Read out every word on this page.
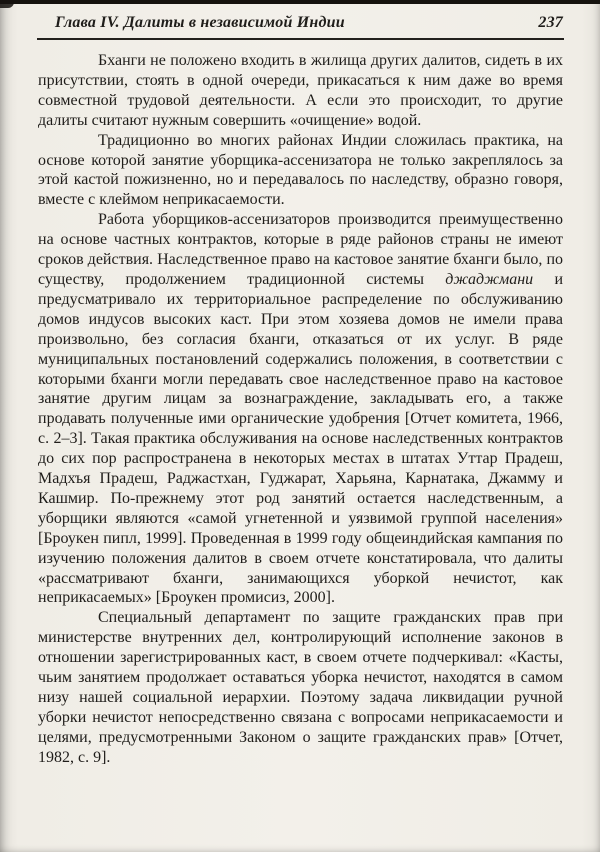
Глава IV. Далиты в независимой Индии	237

Бханги не положено входить в жилища других далитов, сидеть в их присутствии, стоять в одной очереди, прикасаться к ним даже во время совместной трудовой деятельности. А если это происходит, то другие далиты считают нужным совершить «очищение» водой.

Традиционно во многих районах Индии сложилась практика, на основе которой занятие уборщика-ассенизатора не только закреплялось за этой кастой пожизненно, но и передавалось по наследству, образно говоря, вместе с клеймом неприкасаемости.

Работа уборщиков-ассенизаторов производится преимущественно на основе частных контрактов, которые в ряде районов страны не имеют сроков действия. Наследственное право на кастовое занятие бханги было, по существу, продолжением традиционной системы джаджмани и предусматривало их территориальное распределение по обслуживанию домов индусов высоких каст. При этом хозяева домов не имели права произвольно, без согласия бханги, отказаться от их услуг. В ряде муниципальных постановлений содержались положения, в соответствии с которыми бханги могли передавать свое наследственное право на кастовое занятие другим лицам за вознаграждение, закладывать его, а также продавать полученные ими органические удобрения [Отчет комитета, 1966, с. 2–3]. Такая практика обслуживания на основе наследственных контрактов до сих пор распространена в некоторых местах в штатах Уттар Прадеш, Мадхъя Прадеш, Раджастхан, Гуджарат, Харьяна, Карнатака, Джамму и Кашмир. По-прежнему этот род занятий остается наследственным, а уборщики являются «самой угнетенной и уязвимой группой населения» [Броукен пипл, 1999]. Проведенная в 1999 году общеиндийская кампания по изучению положения далитов в своем отчете констатировала, что далиты «рассматривают бханги, занимающихся уборкой нечистот, как неприкасаемых» [Броукен промисиз, 2000].

Специальный департамент по защите гражданских прав при министерстве внутренних дел, контролирующий исполнение законов в отношении зарегистрированных каст, в своем отчете подчеркивал: «Касты, чьим занятием продолжает оставаться уборка нечистот, находятся в самом низу нашей социальной иерархии. Поэтому задача ликвидации ручной уборки нечистот непосредственно связана с вопросами неприкасаемости и целями, предусмотренными Законом о защите гражданских прав» [Отчет, 1982, с. 9].
